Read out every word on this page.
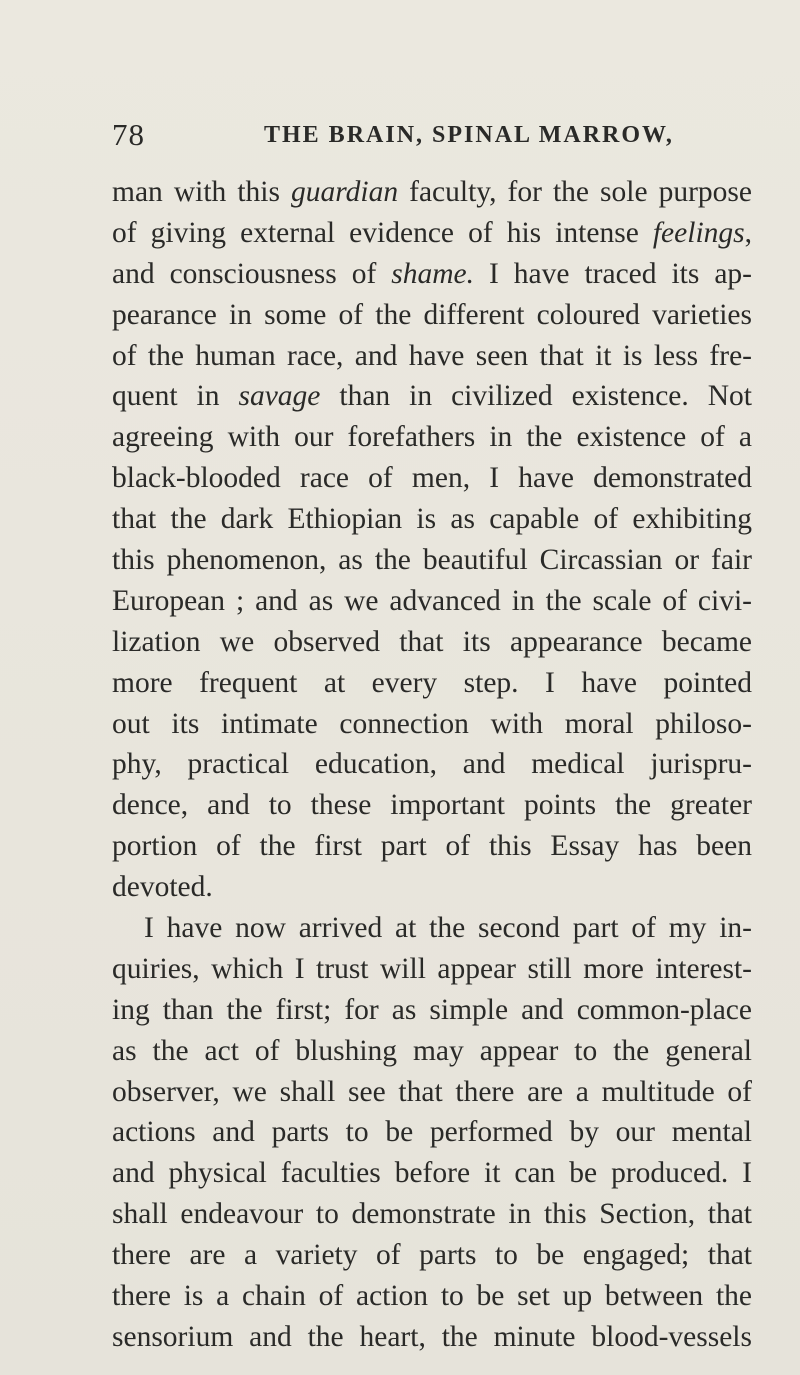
78	THE BRAIN, SPINAL MARROW,
man with this guardian faculty, for the sole purpose
of giving external evidence of his intense feelings,
and consciousness of shame. I have traced its ap-
pearance in some of the different coloured varieties
of the human race, and have seen that it is less fre-
quent in savage than in civilized existence. Not
agreeing with our forefathers in the existence of a
black-blooded race of men, I have demonstrated
that the dark Ethiopian is as capable of exhibiting
this phenomenon, as the beautiful Circassian or fair
European ; and as we advanced in the scale of civi-
lization we observed that its appearance became
more frequent at every step. I have pointed
out its intimate connection with moral philoso-
phy, practical education, and medical jurispru-
dence, and to these important points the greater
portion of the first part of this Essay has been
devoted.
I have now arrived at the second part of my in-
quiries, which I trust will appear still more interest-
ing than the first; for as simple and common-place
as the act of blushing may appear to the general
observer, we shall see that there are a multitude of
actions and parts to be performed by our mental
and physical faculties before it can be produced. I
shall endeavour to demonstrate in this Section, that
there are a variety of parts to be engaged; that
there is a chain of action to be set up between the
sensorium and the heart, the minute blood-vessels
